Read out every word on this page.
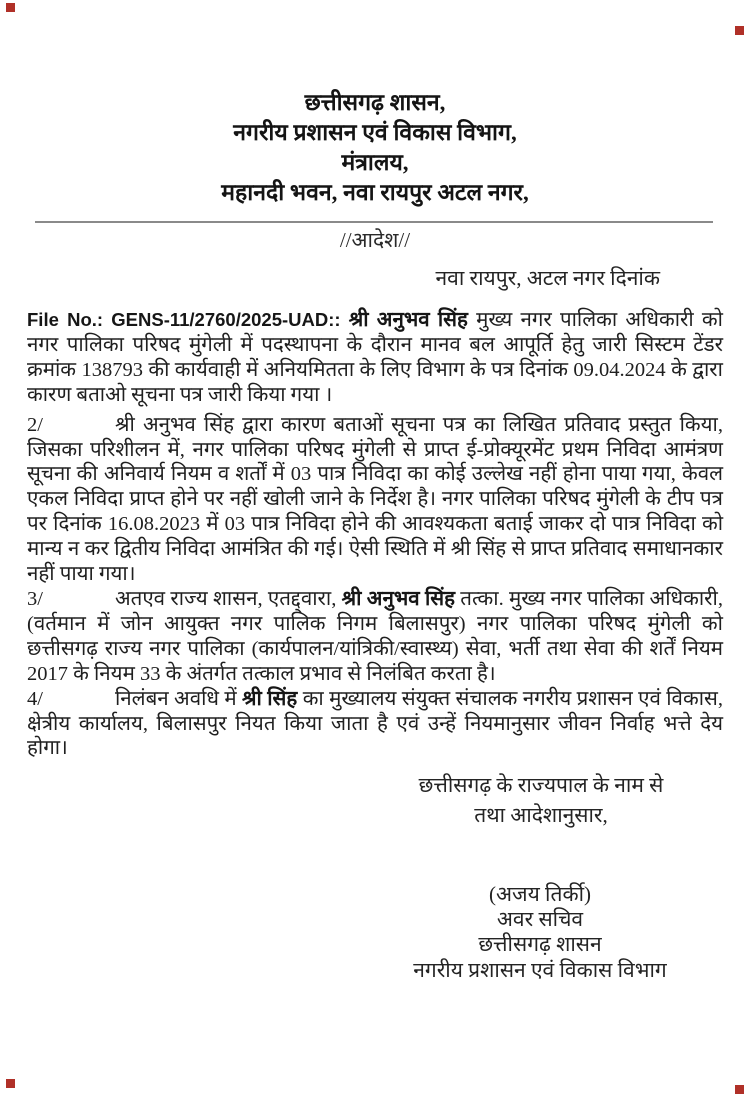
छत्तीसगढ़ शासन,
नगरीय प्रशासन एवं विकास विभाग,
मंत्रालय,
महानदी भवन, नवा रायपुर अटल नगर,
//आदेश//
नवा रायपुर, अटल नगर दिनांक

File No.: GENS-11/2760/2025-UAD:: श्री अनुभव सिंह मुख्य नगर पालिका अधिकारी को नगर पालिका परिषद मुंगेली में पदस्थापना के दौरान मानव बल आपूर्ति हेतु जारी सिस्टम टेंडर क्रमांक 138793 की कार्यवाही में अनियमितता के लिए विभाग के पत्र दिनांक 09.04.2024 के द्वारा कारण बताओ सूचना पत्र जारी किया गया ।

2/	श्री अनुभव सिंह द्वारा कारण बताओं सूचना पत्र का लिखित प्रतिवाद प्रस्तुत किया, जिसका परिशीलन में, नगर पालिका परिषद मुंगेली से प्राप्त ई-प्रोक्यूरमेंट प्रथम निविदा आमंत्रण सूचना की अनिवार्य नियम व शर्तों में 03 पात्र निविदा का कोई उल्लेख नहीं होना पाया गया, केवल एकल निविदा प्राप्त होने पर नहीं खोली जाने के निर्देश है। नगर पालिका परिषद मुंगेली के टीप पत्र पर दिनांक 16.08.2023 में 03 पात्र निविदा होने की आवश्यकता बताई जाकर दो पात्र निविदा को मान्य न कर द्वितीय निविदा आमंत्रित की गई। ऐसी स्थिति में श्री सिंह से प्राप्त प्रतिवाद समाधानकार नहीं पाया गया।

3/	अतएव राज्य शासन, एतद्द्वारा, श्री अनुभव सिंह तत्का. मुख्य नगर पालिका अधिकारी, (वर्तमान में जोन आयुक्त नगर पालिक निगम बिलासपुर) नगर पालिका परिषद मुंगेली को छत्तीसगढ़ राज्य नगर पालिका (कार्यपालन/यांत्रिकी/स्वास्थ्य) सेवा, भर्ती तथा सेवा की शर्तें नियम 2017 के नियम 33 के अंतर्गत तत्काल प्रभाव से निलंबित करता है।

4/	निलंबन अवधि में श्री सिंह का मुख्यालय संयुक्त संचालक नगरीय प्रशासन एवं विकास, क्षेत्रीय कार्यालय, बिलासपुर नियत किया जाता है एवं उन्हें नियमानुसार जीवन निर्वाह भत्ते देय होगा।

छत्तीसगढ़ के राज्यपाल के नाम से
तथा आदेशानुसार,
(अजय तिर्की)
अवर सचिव
छत्तीसगढ़ शासन
नगरीय प्रशासन एवं विकास विभाग
